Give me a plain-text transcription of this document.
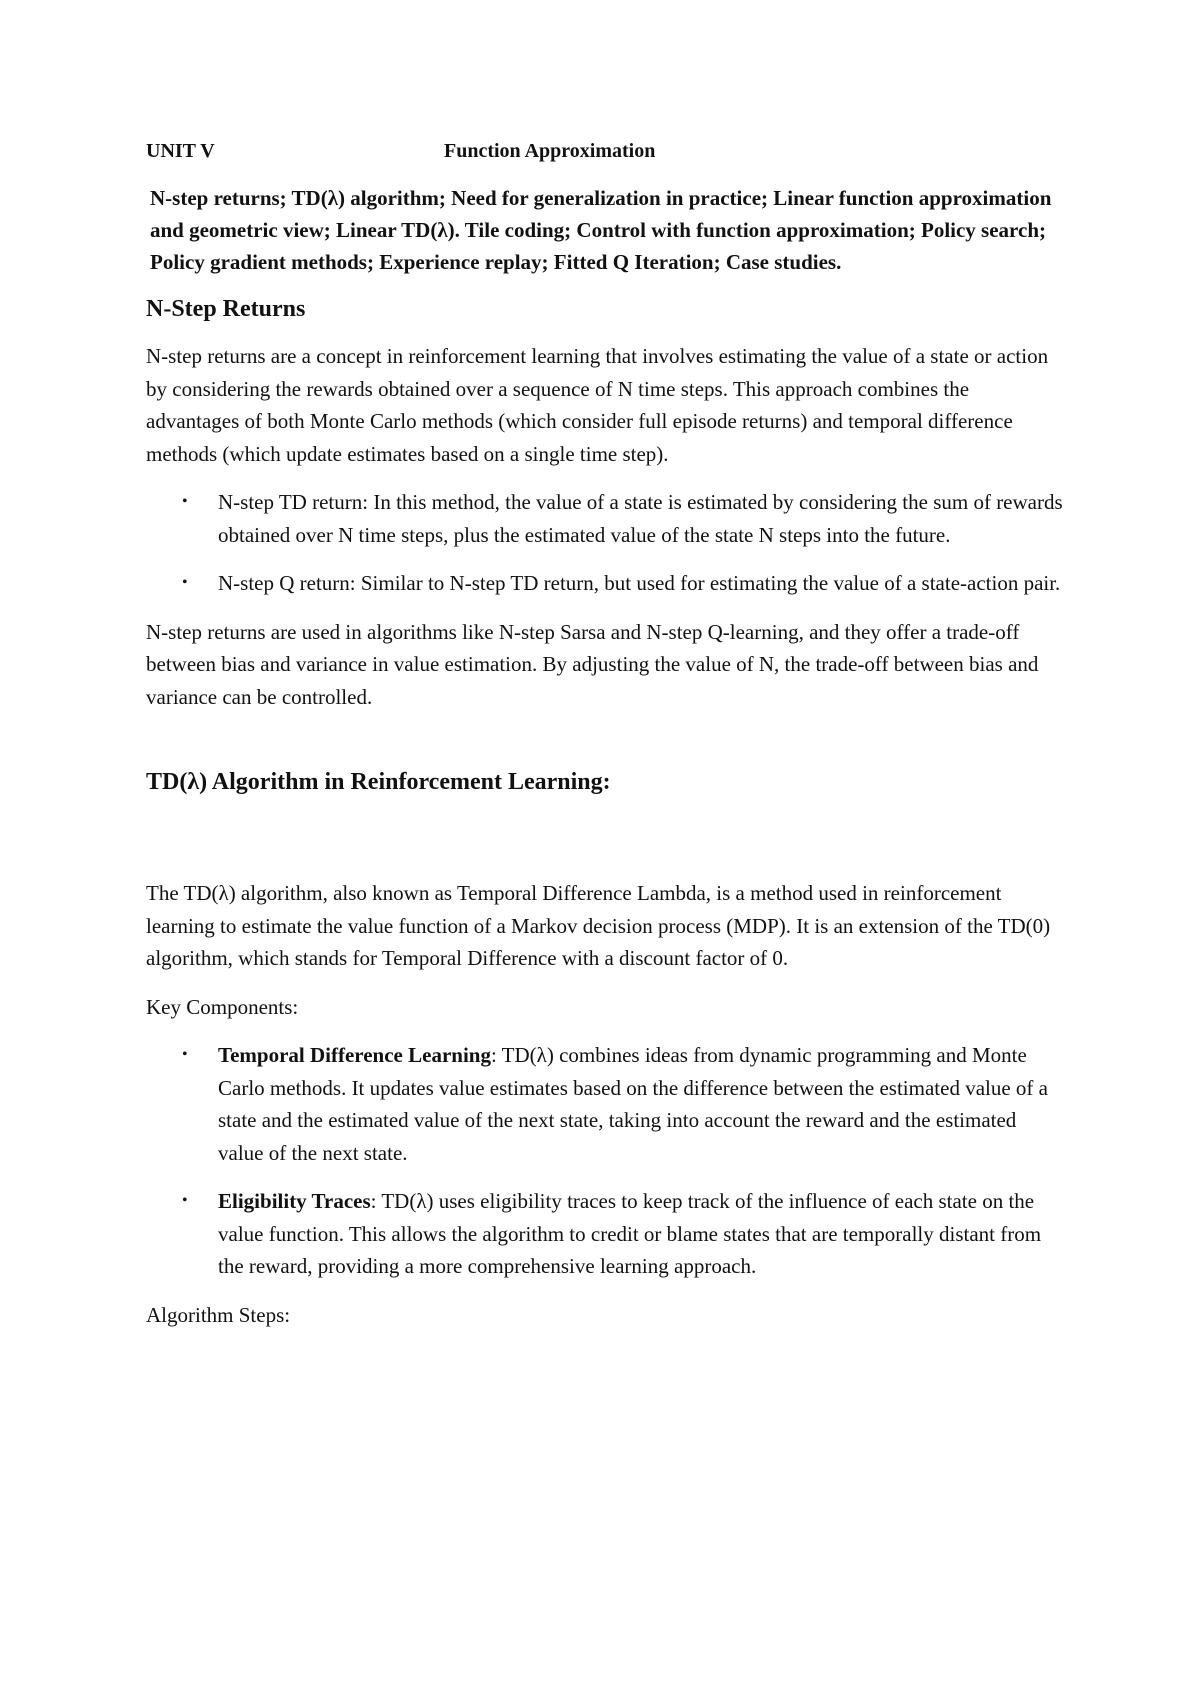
UNIT V	Function Approximation

N-step returns; TD(λ) algorithm; Need for generalization in practice; Linear function approximation and geometric view; Linear TD(λ). Tile coding; Control with function approximation; Policy search; Policy gradient methods; Experience replay; Fitted Q Iteration; Case studies.

N-Step Returns

N-step returns are a concept in reinforcement learning that involves estimating the value of a state or action by considering the rewards obtained over a sequence of N time steps. This approach combines the advantages of both Monte Carlo methods (which consider full episode returns) and temporal difference methods (which update estimates based on a single time step).

• N-step TD return: In this method, the value of a state is estimated by considering the sum of rewards obtained over N time steps, plus the estimated value of the state N steps into the future.
• N-step Q return: Similar to N-step TD return, but used for estimating the value of a state-action pair.

N-step returns are used in algorithms like N-step Sarsa and N-step Q-learning, and they offer a trade-off between bias and variance in value estimation. By adjusting the value of N, the trade-off between bias and variance can be controlled.

TD(λ) Algorithm in Reinforcement Learning:

The TD(λ) algorithm, also known as Temporal Difference Lambda, is a method used in reinforcement learning to estimate the value function of a Markov decision process (MDP). It is an extension of the TD(0) algorithm, which stands for Temporal Difference with a discount factor of 0.

Key Components:

• Temporal Difference Learning: TD(λ) combines ideas from dynamic programming and Monte Carlo methods. It updates value estimates based on the difference between the estimated value of a state and the estimated value of the next state, taking into account the reward and the estimated value of the next state.
• Eligibility Traces: TD(λ) uses eligibility traces to keep track of the influence of each state on the value function. This allows the algorithm to credit or blame states that are temporally distant from the reward, providing a more comprehensive learning approach.

Algorithm Steps:
